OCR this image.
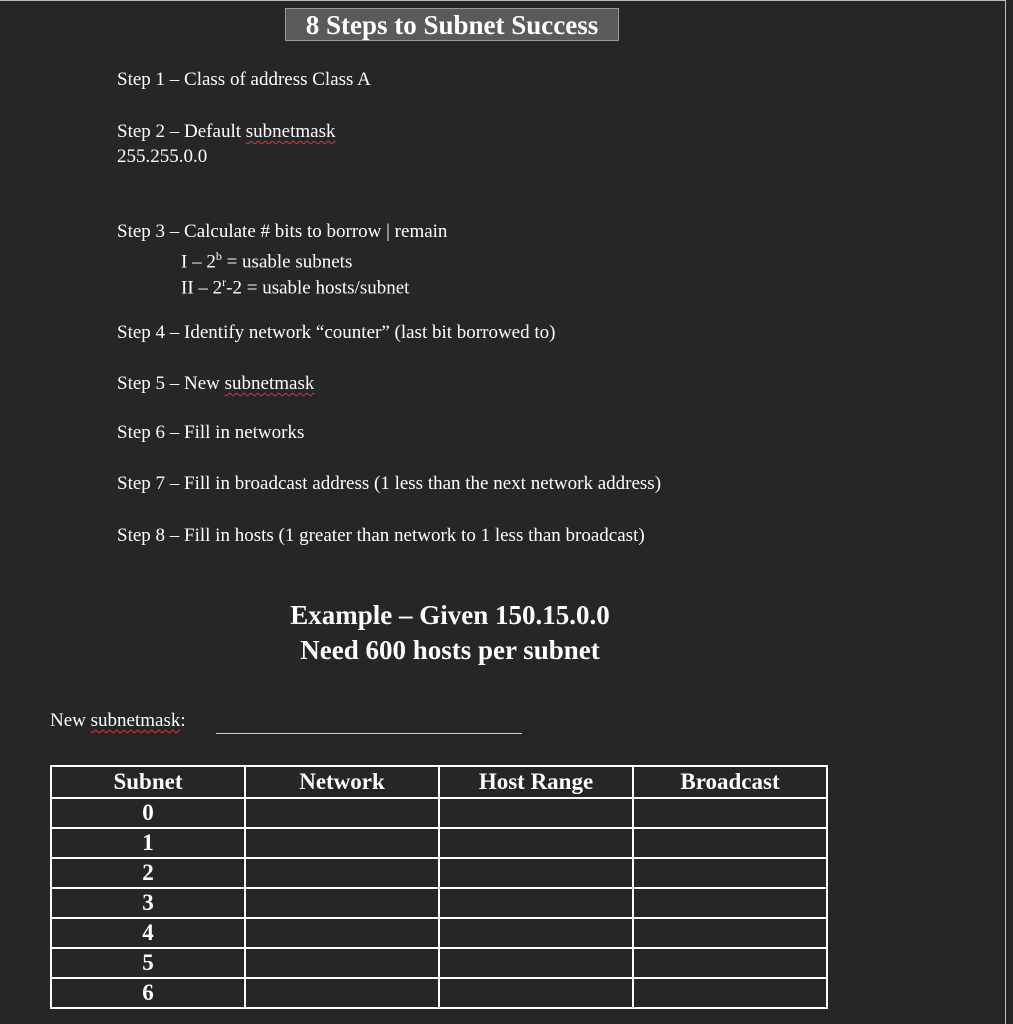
8 Steps to Subnet Success
Step 1 – Class of address Class A
Step 2 – Default subnetmask
255.255.0.0
Step 3 – Calculate # bits to borrow | remain
I – $2^b$ = usable subnets
II – $2^r-2$ = usable hosts/subnet
Step 4 – Identify network “counter” (last bit borrowed to)
Step 5 – New subnetmask
Step 6 – Fill in networks
Step 7 – Fill in broadcast address (1 less than the next network address)
Step 8 – Fill in hosts (1 greater than network to 1 less than broadcast)
Example – Given 150.15.0.0
Need 600 hosts per subnet
New subnetmask:
Subnet	Network	Host Range	Broadcast
0			
1			
2			
3			
4			
5			
6			
